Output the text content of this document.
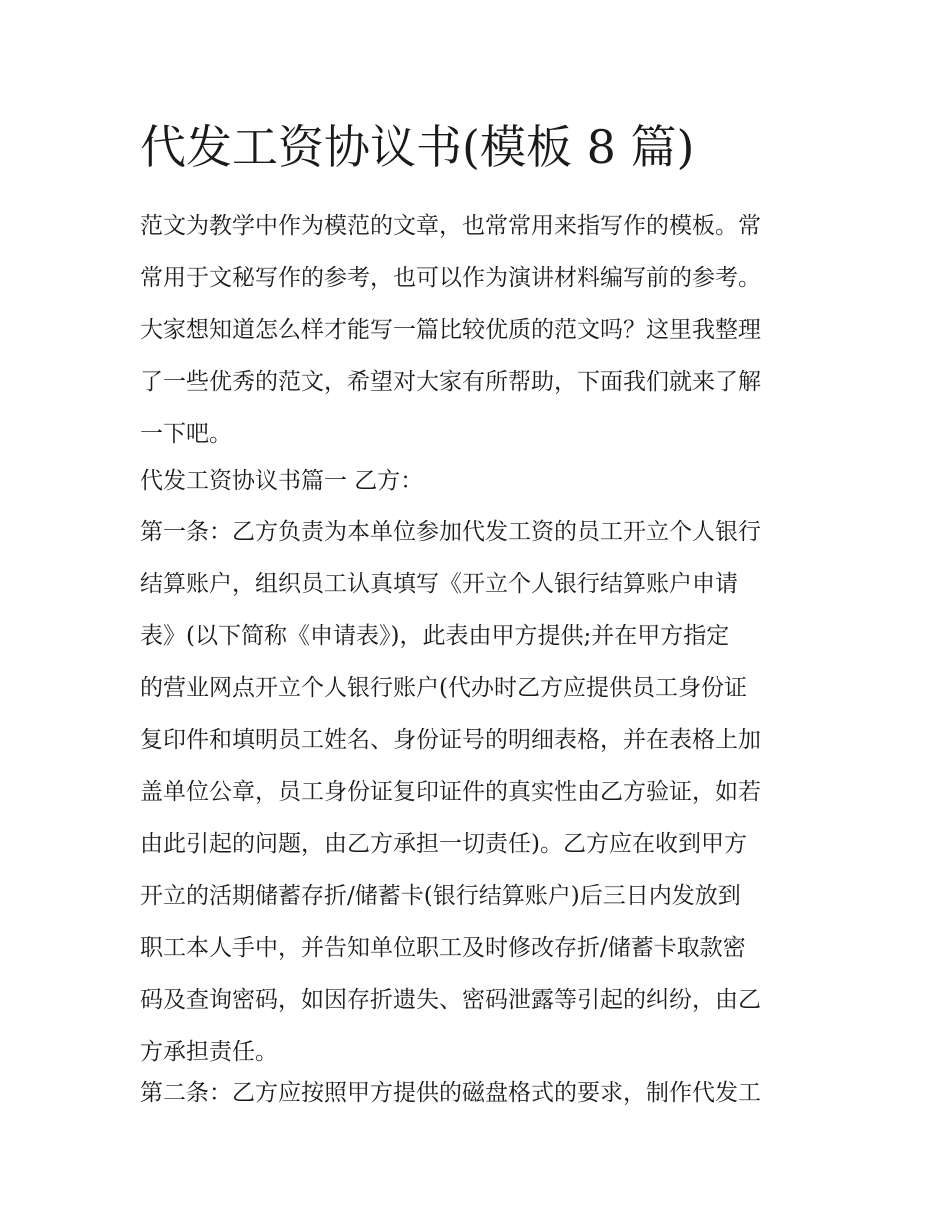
代发工资协议书(模板 8 篇)
范文为教学中作为模范的文章，也常常用来指写作的模板。常
常用于文秘写作的参考，也可以作为演讲材料编写前的参考。
大家想知道怎么样才能写一篇比较优质的范文吗？这里我整理
了一些优秀的范文，希望对大家有所帮助，下面我们就来了解
一下吧。
代发工资协议书篇一 乙方：
第一条：乙方负责为本单位参加代发工资的员工开立个人银行
结算账户，组织员工认真填写《开立个人银行结算账户申请
表》(以下简称《申请表》)，此表由甲方提供;并在甲方指定
的营业网点开立个人银行账户(代办时乙方应提供员工身份证
复印件和填明员工姓名、身份证号的明细表格，并在表格上加
盖单位公章，员工身份证复印证件的真实性由乙方验证，如若
由此引起的问题，由乙方承担一切责任)。乙方应在收到甲方
开立的活期储蓄存折/储蓄卡(银行结算账户)后三日内发放到
职工本人手中，并告知单位职工及时修改存折/储蓄卡取款密
码及查询密码，如因存折遗失、密码泄露等引起的纠纷，由乙
方承担责任。
第二条：乙方应按照甲方提供的磁盘格式的要求，制作代发工
